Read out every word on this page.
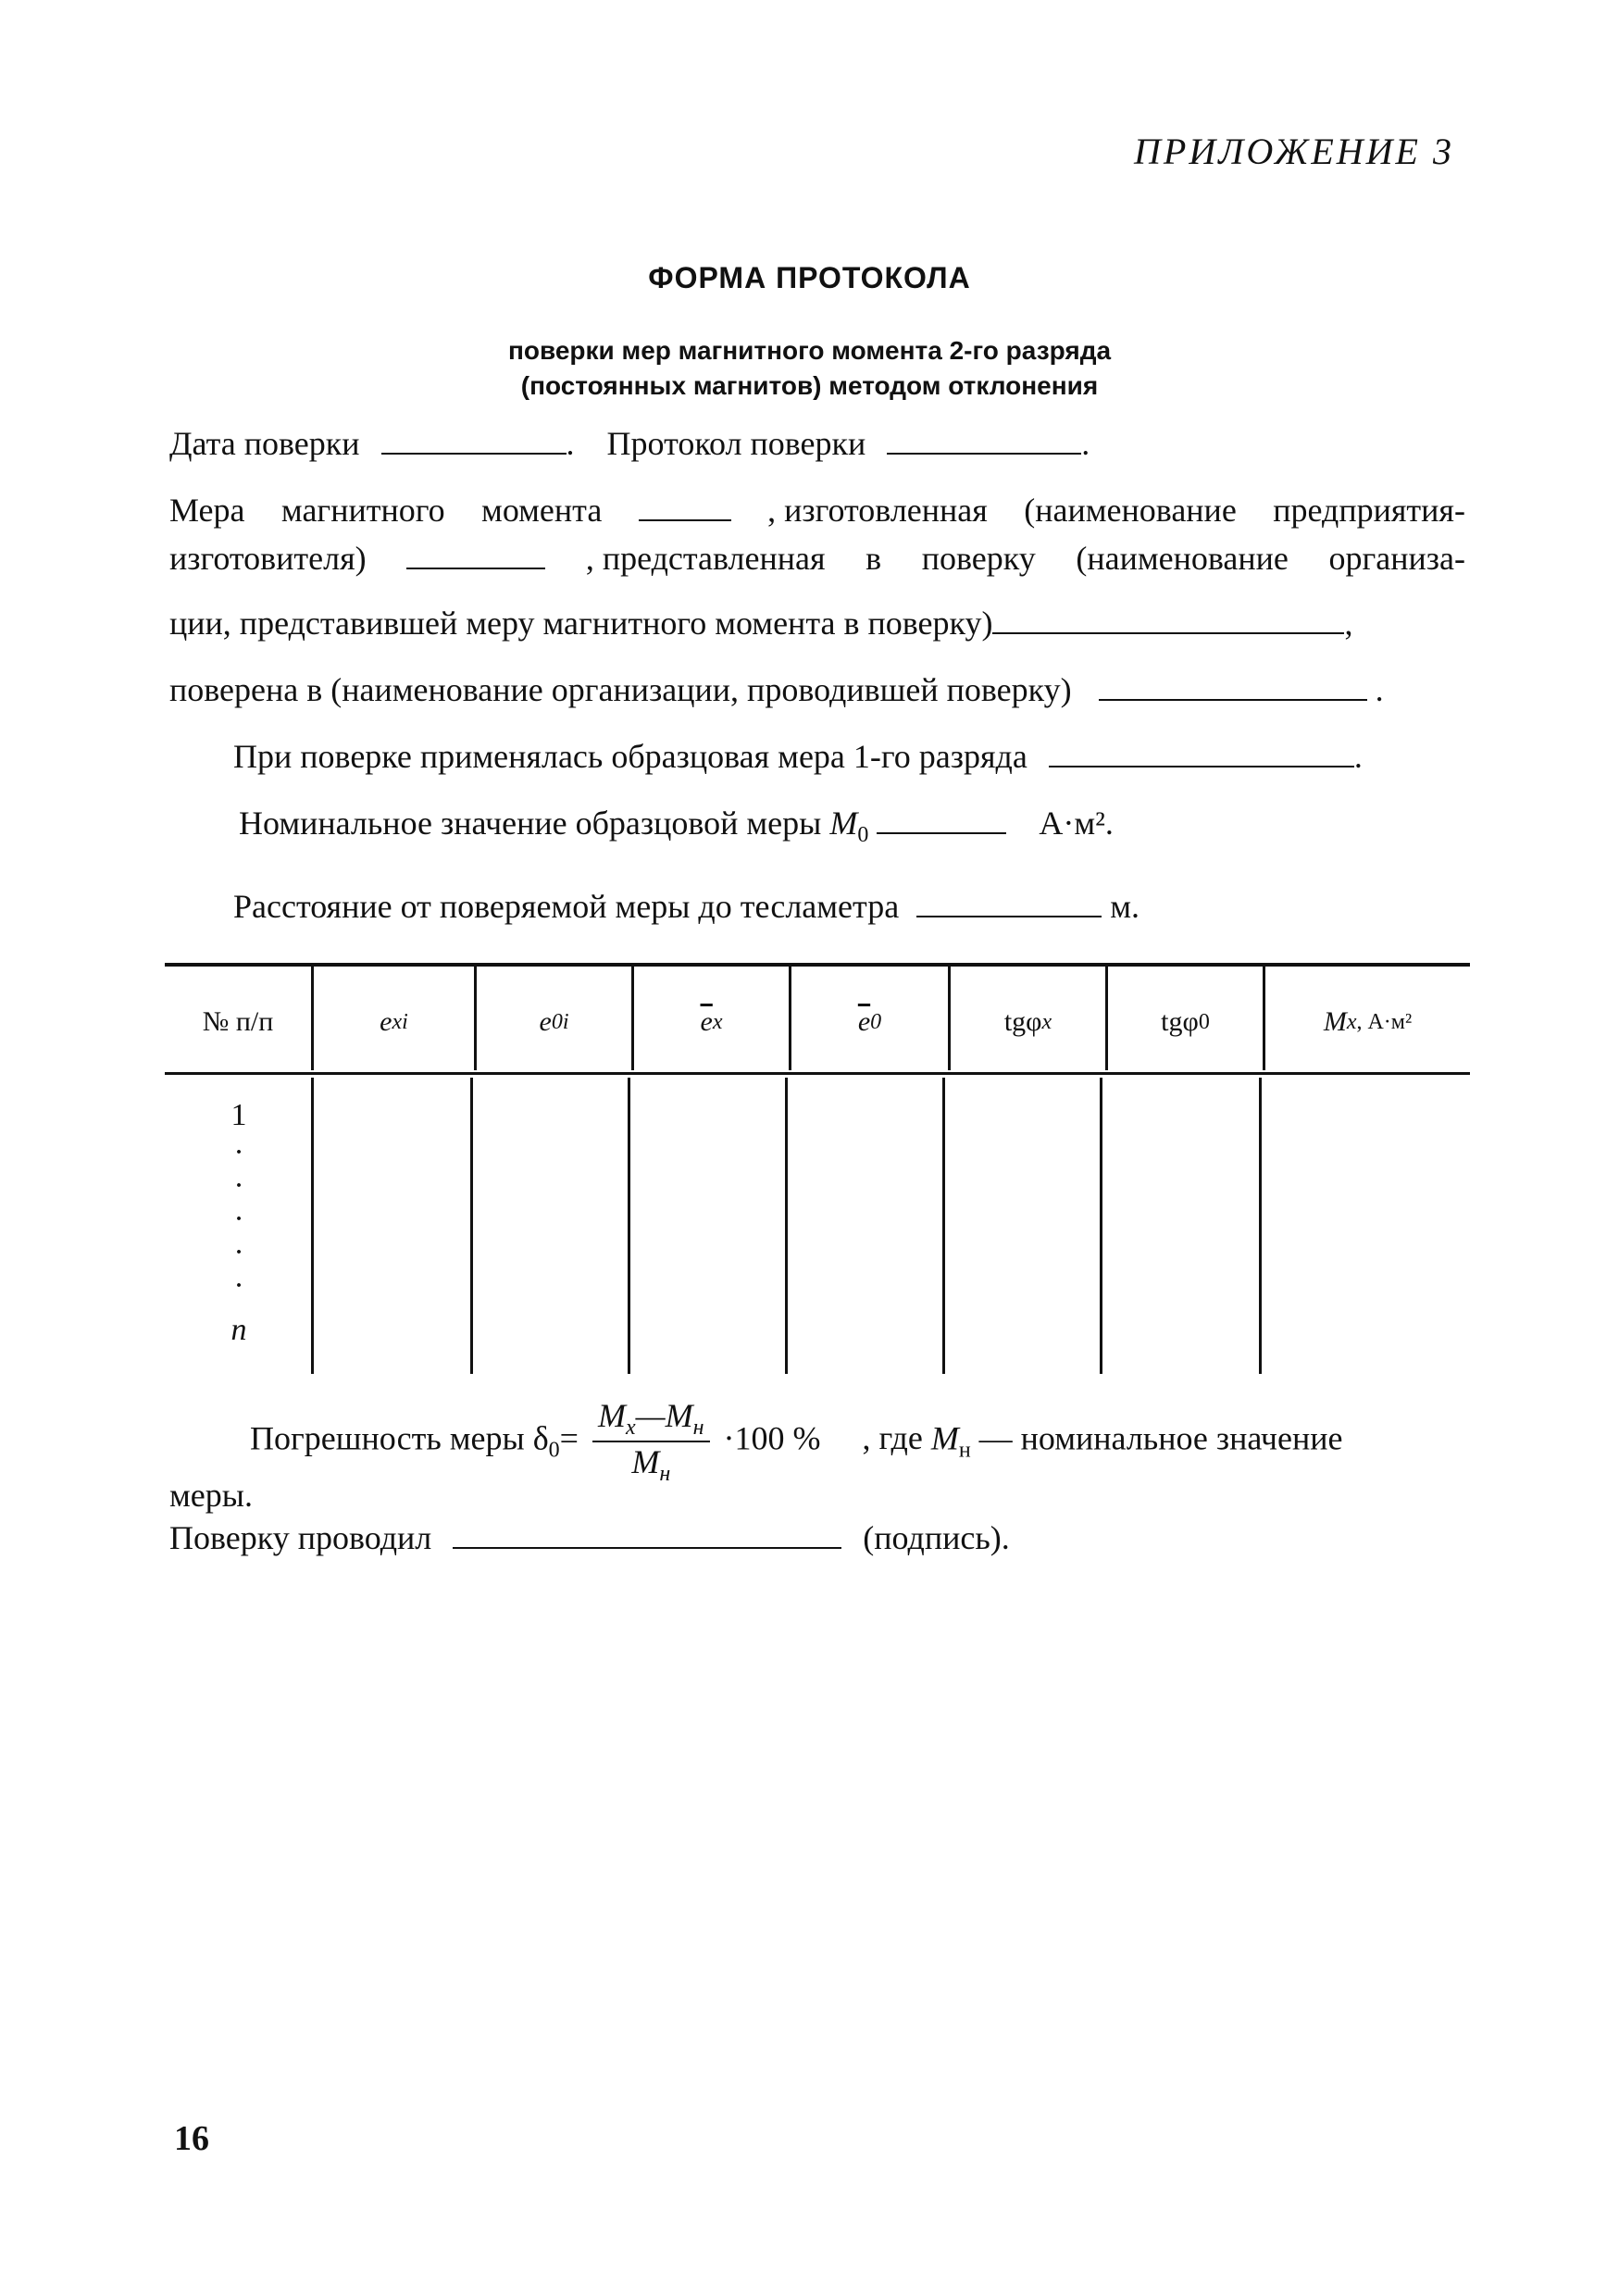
ПРИЛОЖЕНИЕ 3
ФОРМА ПРОТОКОЛА
поверки мер магнитного момента 2-го разряда
(постоянных магнитов) методом отклонения
Дата поверки	. Протокол поверки	.
Мера магнитного момента	, изготовленная (наименование предприятия-
изготовителя)	, представленная в поверку (наименование организа-
ции, представившей меру магнитного момента в поверку)	,
поверена в (наименование организации, проводившей поверку)	.
При поверке применялась образцовая мера 1-го разряда	.
Номинальное значение образцовой меры $M_0$	А·м².
Расстояние от поверяемой меры до тесламетра	м.
№ п/п	e xi	e 0i	$\overline{e}$ x	$\overline{e}$ 0	tgφ x	tgφ 0	M x , А·м²
1
·
·
·
·
·
n
Погрешность меры $\delta_0= \frac{M_x—M_н}{M_н} \cdot 100$ % , где $M_н$ — номинальное значение
меры.
Поверку проводил	(подпись).
16
